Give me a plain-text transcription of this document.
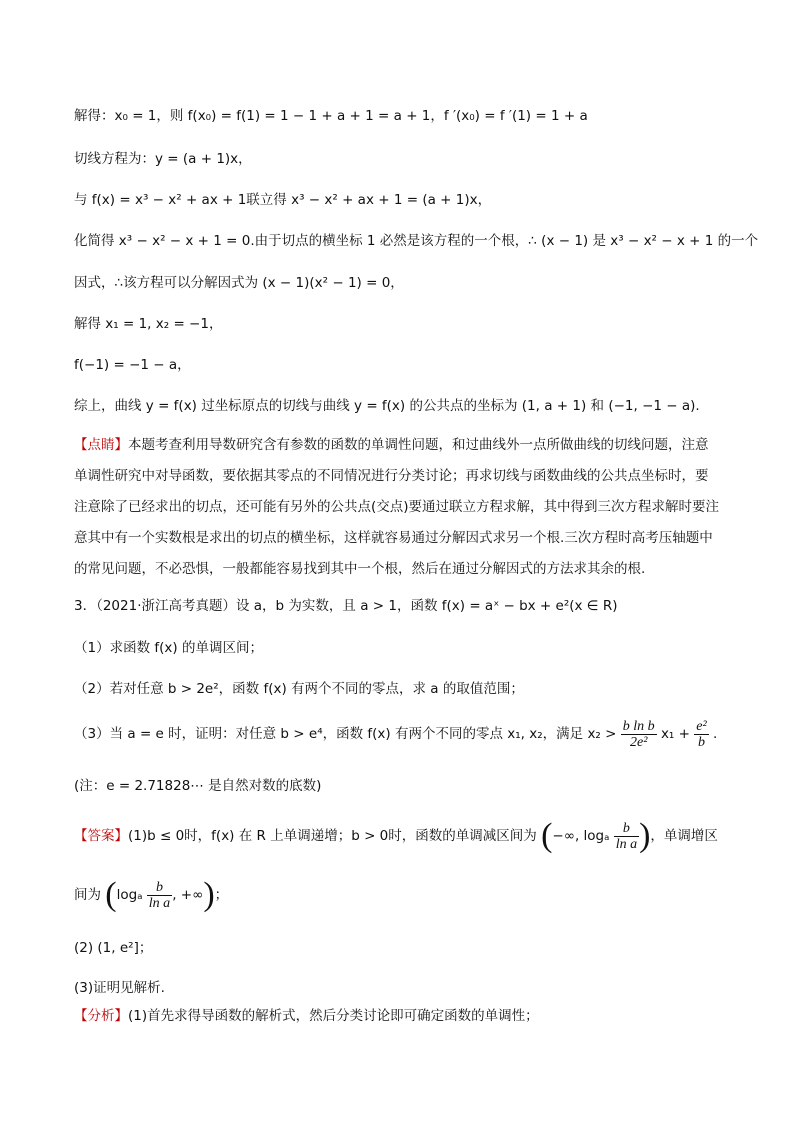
解得：x₀ = 1，则 f(x₀) = f(1) = 1 − 1 + a + 1 = a + 1，f ′(x₀) = f ′(1) = 1 + a
切线方程为：y = (a + 1)x，
与 f(x) = x³ − x² + ax + 1联立得 x³ − x² + ax + 1 = (a + 1)x，
化简得 x³ − x² − x + 1 = 0.由于切点的横坐标 1 必然是该方程的一个根，∴ (x − 1) 是 x³ − x² − x + 1 的一个
因式，∴该方程可以分解因式为 (x − 1)(x² − 1) = 0，
解得 x₁ = 1, x₂ = −1，
f(−1) = −1 − a，
综上，曲线 y = f(x) 过坐标原点的切线与曲线 y = f(x) 的公共点的坐标为 (1, a + 1) 和 (−1, −1 − a).
【点睛】本题考查利用导数研究含有参数的函数的单调性问题，和过曲线外一点所做曲线的切线问题，注意单调性研究中对导函数，要依据其零点的不同情况进行分类讨论；再求切线与函数曲线的公共点坐标时，要注意除了已经求出的切点，还可能有另外的公共点(交点)要通过联立方程求解，其中得到三次方程求解时要注意其中有一个实数根是求出的切点的横坐标，这样就容易通过分解因式求另一个根.三次方程时高考压轴题中的常见问题，不必恐惧，一般都能容易找到其中一个根，然后在通过分解因式的方法求其余的根.
3．（2021·浙江高考真题）设 a，b 为实数，且 a > 1，函数 f(x) = aˣ − bx + e²(x ∈ R)
（1）求函数 f(x) 的单调区间；
（2）若对任意 b > 2e²，函数 f(x) 有两个不同的零点，求 a 的取值范围；
（3）当 a = e 时，证明：对任意 b > e⁴，函数 f(x) 有两个不同的零点 x₁, x₂，满足 $x_2 > \frac{\text{b ln b}}{\text{2e²}} x_1 + \frac{\text{e²}}{b}$ .
(注：e = 2.71828⋯ 是自然对数的底数)
【答案】(1)b ≤ 0时，f(x) 在 R 上单调递增；b > 0时，函数的单调减区间为 (−∞, logₐ $\frac{b}{\text{ln a}}$ )，单调增区
间为 ($\log_a \frac{b}{\text{ln a}}$ , +∞)；
(2) (1, e²]；
(3)证明见解析.
【分析】(1)首先求得导函数的解析式，然后分类讨论即可确定函数的单调性；
